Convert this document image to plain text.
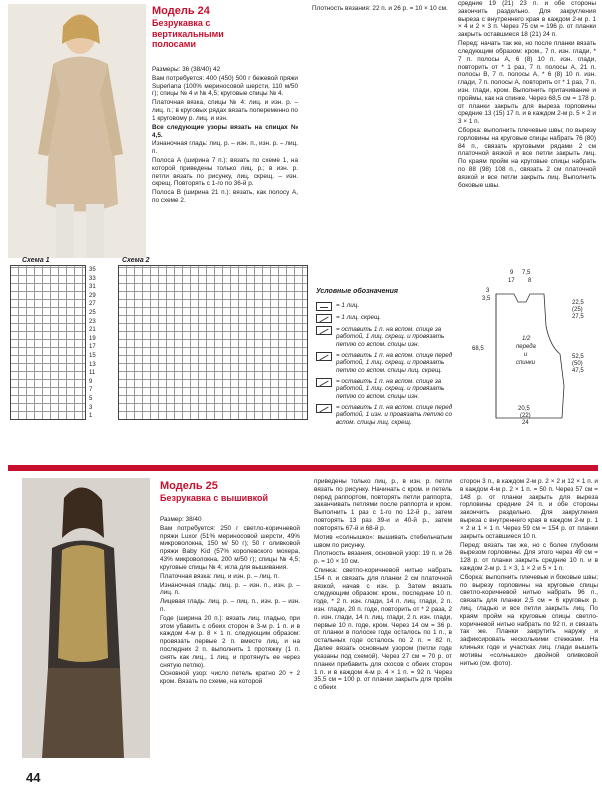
Модель 24
Безрукавка с вертикальными полосами

Размеры: 36 (38/40) 42

Вам потребуется: 400 (450) 500 г бежевой пряжи Superlana (100% мериносовой шерсти, 110 м/50 г); спицы № 4 и № 4,5; круговые спицы № 4.

Платочная вязка, спицы № 4: лиц. и изн. р. – лиц. п.; в круговых рядах вязать попеременно по 1 круговому р. лиц. и изн.

Все следующие узоры вязать на спицах № 4,5.

Изнаночная гладь: лиц. р. – изн. п., изн. р. – лиц. п.

Полоса А (ширина 7 п.): вязать по схеме 1, на которой приведены только лиц. р.; в изн. р. петли вязать по рисунку, лиц. скрещ. – изн. скрещ. Повторять с 1-го по 36-й р.

Полоса В (ширина 21 п.): вязать, как полосу А, по схеме 2.

Плотность вязания: 22 п. и 26 р. = 10 × 10 см.

средние 19 (21) 23 п. и обе стороны закончить раздельно. Для закругления выреза с внутреннего края в каждом 2-м р. 1 × 4 и 2 × 3 п. Через 75 см = 196 р. от планки закрыть оставшиеся 18 (21) 24 п.

Перед: начать так же, но после планки вязать следующим образом: кром., 7 п. изн. глади, * 7 п. полосы А, 6 (8) 10 п. изн. глади, повторить от * 1 раз, 7 п. полосы А, 21 п. полосы В, 7 п. полосы А, * 6 (8) 10 п. изн. глади, 7 п. полосы А, повторить от * 1 раз, 7 п. изн. глади, кром. Выполнить притачивание и проймы, как на спинке. Через 68,5 см = 178 р. от планки закрыть для выреза горловины средние 13 (15) 17 п. и в каждом 2-м р. 5 × 2 и 3 × 1 п.

Сборка: выполнить плечевые швы; по вырезу горловины на круговые спицы набрать 76 (80) 84 п., связать круговыми рядами 2 см платочной вязкой и все петли закрыть лиц. По краям пройм на круговые спицы набрать по 88 (98) 108 п., связать 2 см платочной вязкой и все петли закрыть лиц. Выполнить боковые швы.

Схема 1
35
33
31
29
27
25
23
21
19
17
15
13
11
9
7
5
3
1
Схема 2
Условные обозначения
= 1 лиц.
= 1 лиц. скрещ.
= оставить 1 п. на вспом. спице за работой, 1 лиц. скрещ. и провязать петлю со вспом. спицы изн.
= оставить 1 п. на вспом. спице перед работой, 1 лиц. скрещ. и провязать петлю со вспом. спицы лиц. скрещ.
= оставить 1 п. на вспом. спице за работой, 1 лиц. скрещ. и провязать петлю со вспом. спицы изн.
= оставить 1 п. на вспом. спице перед работой, 1 изн. и провязать петлю со вспом. спицы лиц. скрещ.
9 7,5
17 8
3
3,5
22,5
(25)
27,5
68,5
1/2
переда
и
спинки
52,5
(50)
47,5
20,5
(22)
24
Модель 25
Безрукавка с вышивкой

Размер: 38/40

Вам потребуется: 250 г светло-коричневой пряжи Luxor (51% мериносовой шерсти, 49% микроволокна, 150 м/ 50 г); 50 г оливковой пряжи Baby Kid (57% королевского мохера, 43% микроволокна, 200 м/50 г); спицы № 4,5; круговые спицы № 4; игла для вышивания.

Платочная вязка: лиц. и изн. р. – лиц. п.

Изнаночная гладь: лиц. р. – изн. п., изн. р. – лиц. п.

Лицевая гладь: лиц. р. – лиц. п., изн. р. – изн. п.

Годе (ширина 20 п.): вязать лиц. гладью, при этом убавить с обеих сторон в 3-м р. 1 п. и в каждом 4-м р. 8 × 1 п. следующим образом: провязать первые 2 п. вместе лиц. и на последних 2 п. выполнить 1 протяжку (1 п. снять как лиц., 1 лиц. и протянуть ее через снятую петлю).

Основной узор: число петель кратно 20 + 2 кром. Вязать по схеме, на которой

приведены только лиц. р., в изн. р. петли вязать по рисунку. Начинать с кром. и петель перед раппортом, повторять петли раппорта, заканчивать петлями после раппорта и кром. Выполнить 1 раз с 1-го по 12-й р., затем повторять 13 раз 39-и и 40-й р., затем повторять 67-й и 68-й р.

Мотив «солнышко»: вышивать стебельчатым швом по рисунку.

Плотность вязания, основной узор: 19 п. и 26 р. = 10 × 10 см.

Спинка: светло-коричневой нитью набрать 154 п. и связать для планки 2 см платочной вязкой, начав с изн. р. Затем вязать следующим образом: кром., последние 10 п. годе, * 2 п. изн. глади, 14 п. лиц. глади, 2 п. изн. глади, 20 п. годе, повторить от * 2 раза, 2 п. изн. глади, 14 п. лиц. глади, 2 п. изн. глади, первые 10 п. годе, кром. Через 14 см = 36 р. от планки в полоске годе осталось по 1 п., в остальных годе осталось по 2 п. = 82 п. Далее вязать основным узором (петли годе указаны под схемой). Через 27 см = 70 р. от планки прибавить для скосов с обеих сторон 1 п. и в каждом 4-м р. 4 × 1 п. = 92 п. Через 35,5 см = 100 р. от планки закрыть для пройм с обеих

сторон 3 п., в каждом 2-м р. 2 × 2 и 12 × 1 п. и в каждом 4-м р. 2 × 1 п. = 50 п. Через 57 см = 148 р. от планки закрыть для выреза горловины средние 24 п. и обе стороны закончить раздельно. Для закругления выреза с внутреннего края в каждом 2-м р. 1 × 2 и 1 × 1 п. Через 59 см = 154 р. от планки закрыть оставшиеся 10 п.

Перед: вязать так же, но с более глубоким вырезом горловины. Для этого через 49 см = 128 р. от планки закрыть средние 10 п. и в каждом 2-м р. 1 × 3, 1 × 2 и 5 × 1 п.

Сборка: выполнить плечевые и боковые швы; по вырезу горловины на круговые спицы светло-коричневой нитью набрать 96 п., связать для планки 2,5 см = 6 круговых р. лиц. гладью и все петли закрыть лиц. По краям пройм на круговые спицы светло-коричневой нитью набрать по 92 п. и связать так же. Планки закрутить наружу и зафиксировать несколькими стежками. На клиньях годе и участках лиц. глади вышить мотивы «солнышко» двойной оливковой нитью (см. фото).

44
